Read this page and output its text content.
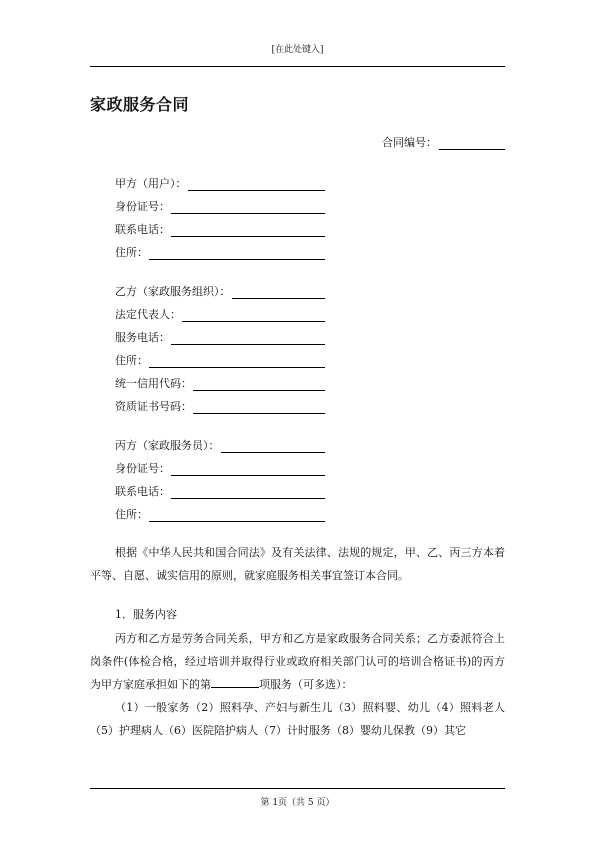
[在此处键入]
家政服务合同
合同编号：
甲方（用户）：
身份证号：
联系电话：
住所：
乙方（家政服务组织）：
法定代表人：
服务电话：
住所：
统一信用代码：
资质证书号码：
丙方（家政服务员）：
身份证号：
联系电话：
住所：

根据《中华人民共和国合同法》及有关法律、法规的规定，甲、乙、丙三方本着平等、自愿、诚实信用的原则，就家庭服务相关事宜签订本合同。

1．服务内容

丙方和乙方是劳务合同关系，甲方和乙方是家政服务合同关系；乙方委派符合上岗条件(体检合格，经过培训并取得行业或政府相关部门认可的培训合格证书)的丙方为甲方家庭承担如下的第	项服务（可多选）：

（1）一般家务（2）照料孕、产妇与新生儿（3）照料婴、幼儿（4）照料老人（5）护理病人（6）医院陪护病人（7）计时服务（8）婴幼儿保教（9）其它

第 1页（共 5 页）
